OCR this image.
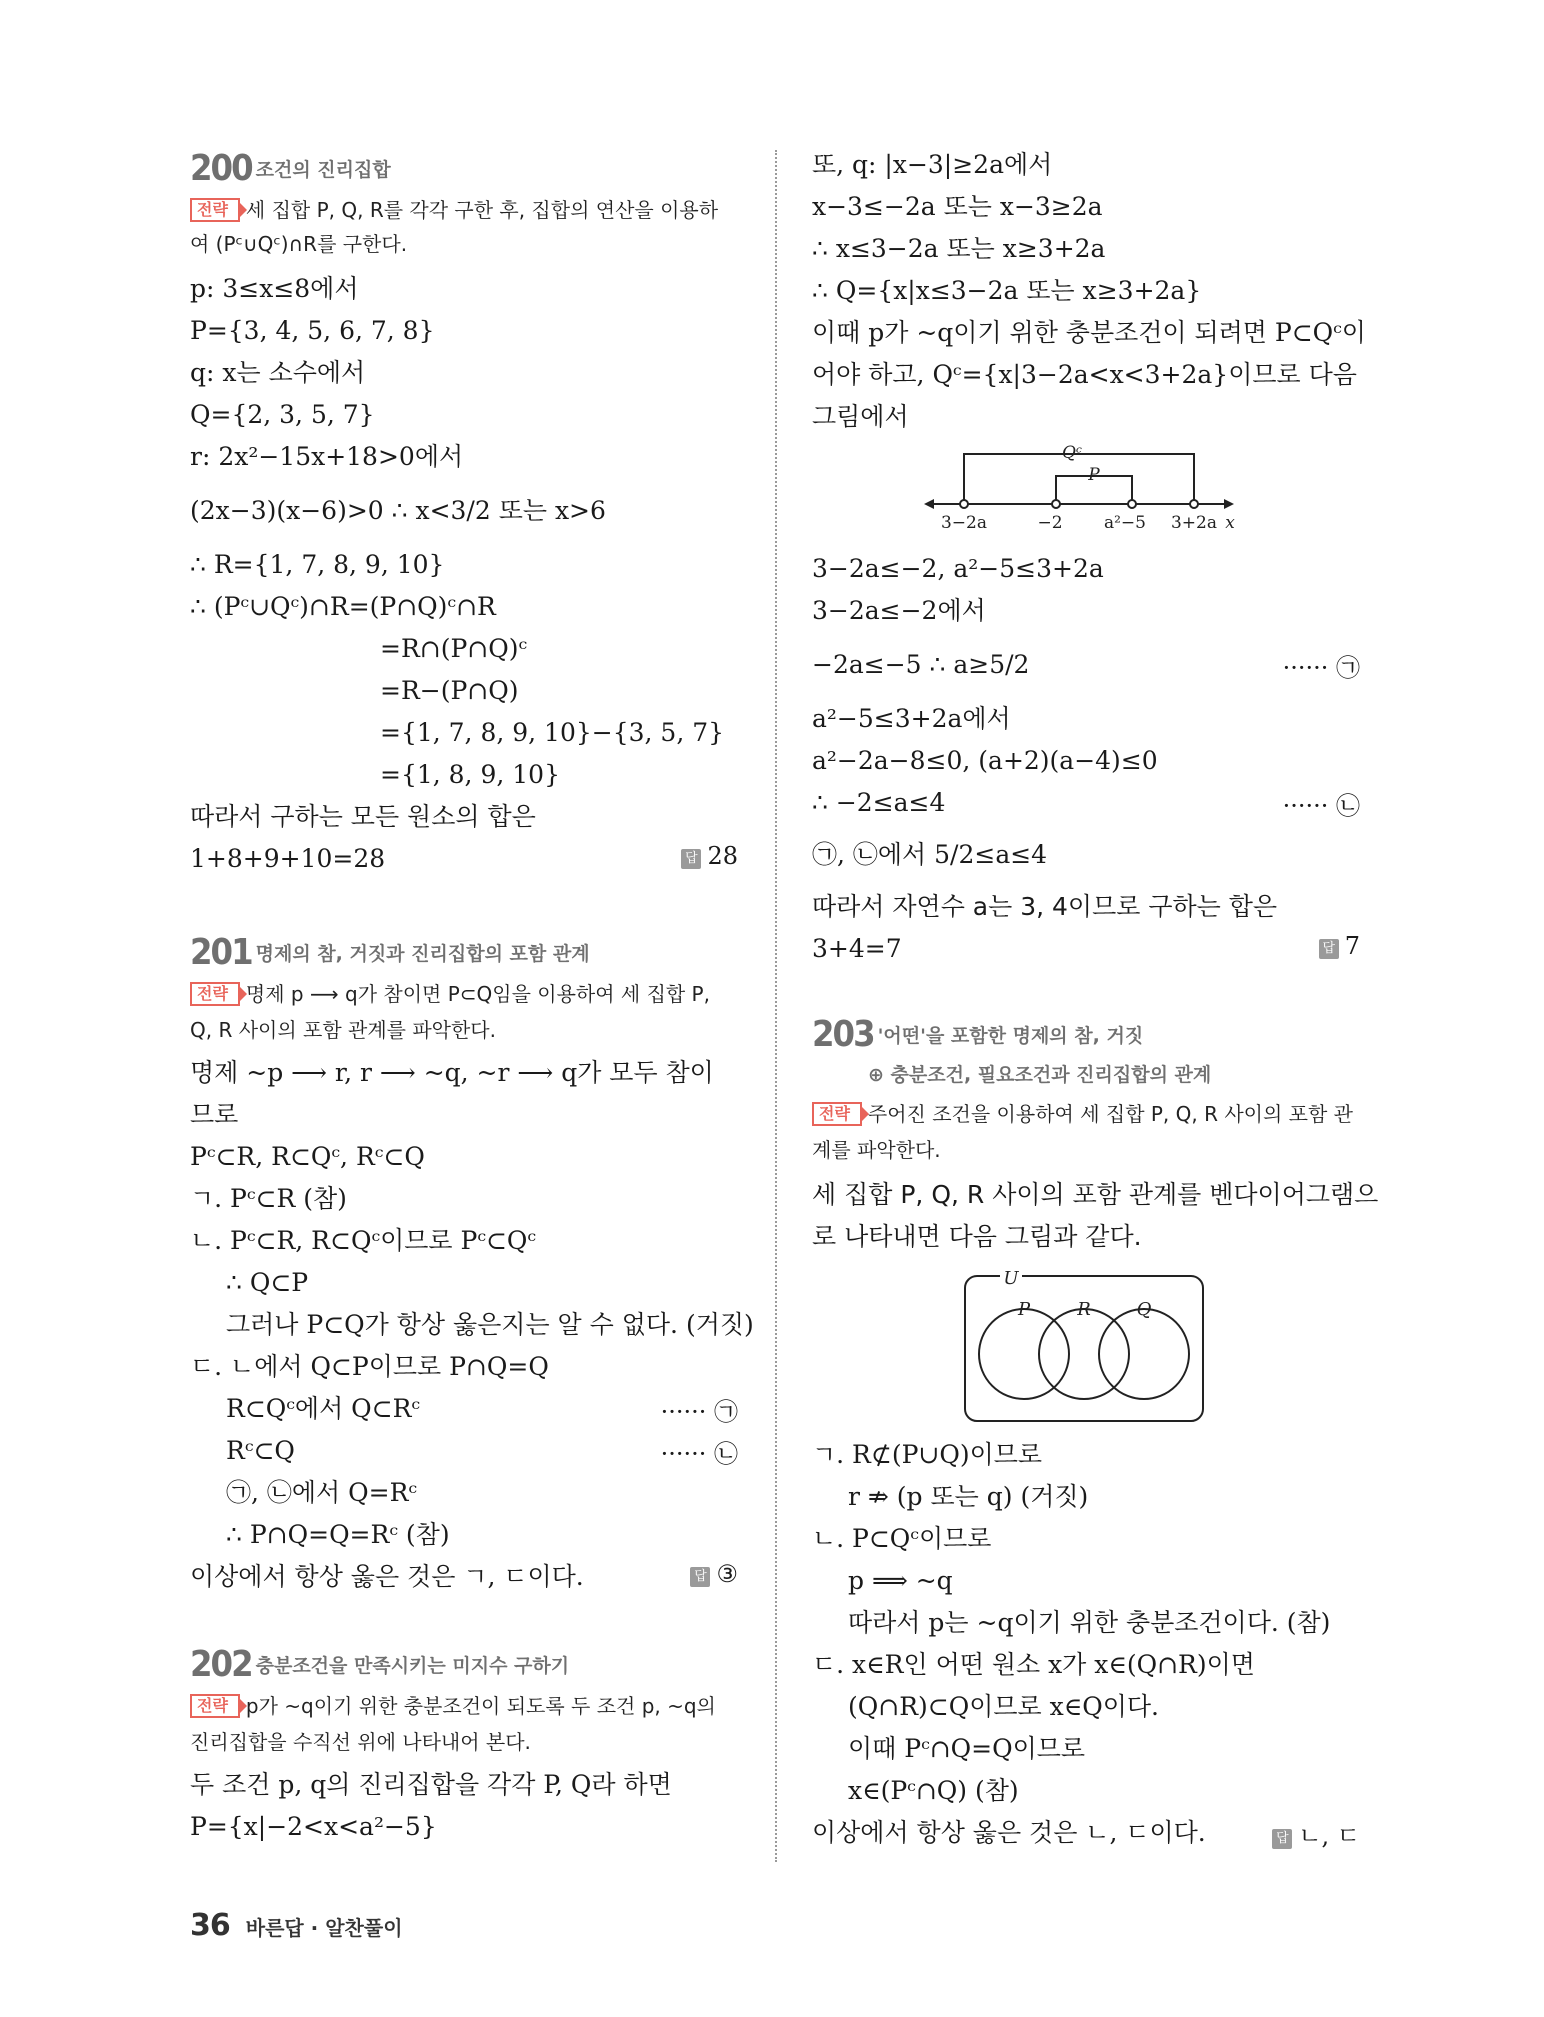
200 조건의 진리집합
전략 세 집합 P, Q, R를 각각 구한 후, 집합의 연산을 이용하
여 (Pᶜ∪Qᶜ)∩R를 구한다.
p: 3≤x≤8에서
P={3, 4, 5, 6, 7, 8}
q: x는 소수에서
Q={2, 3, 5, 7}
r: 2x²−15x+18>0에서
(2x−3)(x−6)>0 ∴ x<3/2 또는 x>6
∴ R={1, 7, 8, 9, 10}
∴ (Pᶜ∪Qᶜ)∩R=(P∩Q)ᶜ∩R
=R∩(P∩Q)ᶜ
=R−(P∩Q)
={1, 7, 8, 9, 10}−{3, 5, 7}
={1, 8, 9, 10}
따라서 구하는 모든 원소의 합은
1+8+9+10=28	답 28
201 명제의 참, 거짓과 진리집합의 포함 관계
전략 명제 p ⟶ q가 참이면 P⊂Q임을 이용하여 세 집합 P,
Q, R 사이의 포함 관계를 파악한다.
명제 ~p ⟶ r, r ⟶ ~q, ~r ⟶ q가 모두 참이
므로
Pᶜ⊂R, R⊂Qᶜ, Rᶜ⊂Q
ㄱ. Pᶜ⊂R (참)
ㄴ. Pᶜ⊂R, R⊂Qᶜ이므로 Pᶜ⊂Qᶜ
∴ Q⊂P
그러나 P⊂Q가 항상 옳은지는 알 수 없다. (거짓)
ㄷ. ㄴ에서 Q⊂P이므로 P∩Q=Q
R⊂Qᶜ에서 Q⊂Rᶜ	······ ㉠
Rᶜ⊂Q	······ ㉡
㉠, ㉡에서 Q=Rᶜ
∴ P∩Q=Q=Rᶜ (참)
이상에서 항상 옳은 것은 ㄱ, ㄷ이다.	답 ③
202 충분조건을 만족시키는 미지수 구하기
전략 p가 ~q이기 위한 충분조건이 되도록 두 조건 p, ~q의
진리집합을 수직선 위에 나타내어 본다.
두 조건 p, q의 진리집합을 각각 P, Q라 하면
P={x|−2<x<a²−5}
또, q: |x−3|≥2a에서
x−3≤−2a 또는 x−3≥2a
∴ x≤3−2a 또는 x≥3+2a
∴ Q={x|x≤3−2a 또는 x≥3+2a}
이때 p가 ~q이기 위한 충분조건이 되려면 P⊂Qᶜ이
어야 하고, Qᶜ={x|3−2a<x<3+2a}이므로 다음
그림에서
Qᶜ
P
3−2a	−2 a²−5 3+2a x
3−2a≤−2, a²−5≤3+2a
3−2a≤−2에서
−2a≤−5 ∴ a≥5/2	······ ㉠
a²−5≤3+2a에서
a²−2a−8≤0, (a+2)(a−4)≤0
∴ −2≤a≤4	······ ㉡
㉠, ㉡에서 5/2≤a≤4
따라서 자연수 a는 3, 4이므로 구하는 합은
3+4=7	답 7
203 '어떤'을 포함한 명제의 참, 거짓
⊕ 충분조건, 필요조건과 진리집합의 관계
전략 주어진 조건을 이용하여 세 집합 P, Q, R 사이의 포함 관
계를 파악한다.
세 집합 P, Q, R 사이의 포함 관계를 벤다이어그램으
로 나타내면 다음 그림과 같다.
U
P	R	Q
ㄱ. R⊄(P∪Q)이므로
r ⇏ (p 또는 q) (거짓)
ㄴ. P⊂Qᶜ이므로
p ⟹ ~q
따라서 p는 ~q이기 위한 충분조건이다. (참)
ㄷ. x∈R인 어떤 원소 x가 x∈(Q∩R)이면
(Q∩R)⊂Q이므로 x∈Q이다.
이때 Pᶜ∩Q=Q이므로
x∈(Pᶜ∩Q) (참)
이상에서 항상 옳은 것은 ㄴ, ㄷ이다.	답 ㄴ, ㄷ
36 바른답 · 알찬풀이
